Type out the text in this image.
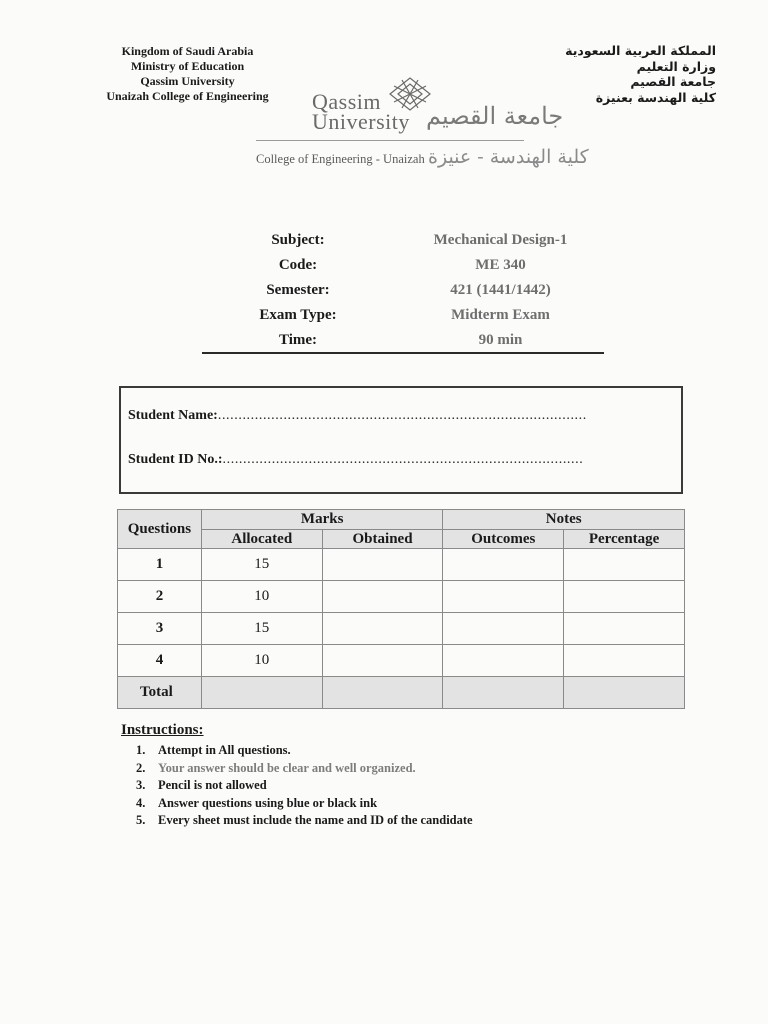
Kingdom of Saudi Arabia
Ministry of Education
Qassim University
Unaizah College of Engineering
المملكة العربية السعودية
وزارة التعليم
جامعة القصيم
كلية الهندسة بعنيزة
Qassim
University جامعة القصيم
College of Engineering - Unaizah كلية الهندسة - عنيزة
Subject:	Mechanical Design-1
Code:	ME 340
Semester:	421 (1441/1442)
Exam Type:	Midterm Exam
Time:	90 min
Student Name:..........................................................................................
Student ID No.:........................................................................................
Questions	Marks		Notes	
	Allocated	Obtained	Outcomes	Percentage
1	15			
2	10			
3	15			
4	10			
Total				
Instructions:
1.	Attempt in All questions.
2.	Your answer should be clear and well organized.
3.	Pencil is not allowed
4.	Answer questions using blue or black ink
5.	Every sheet must include the name and ID of the candidate
